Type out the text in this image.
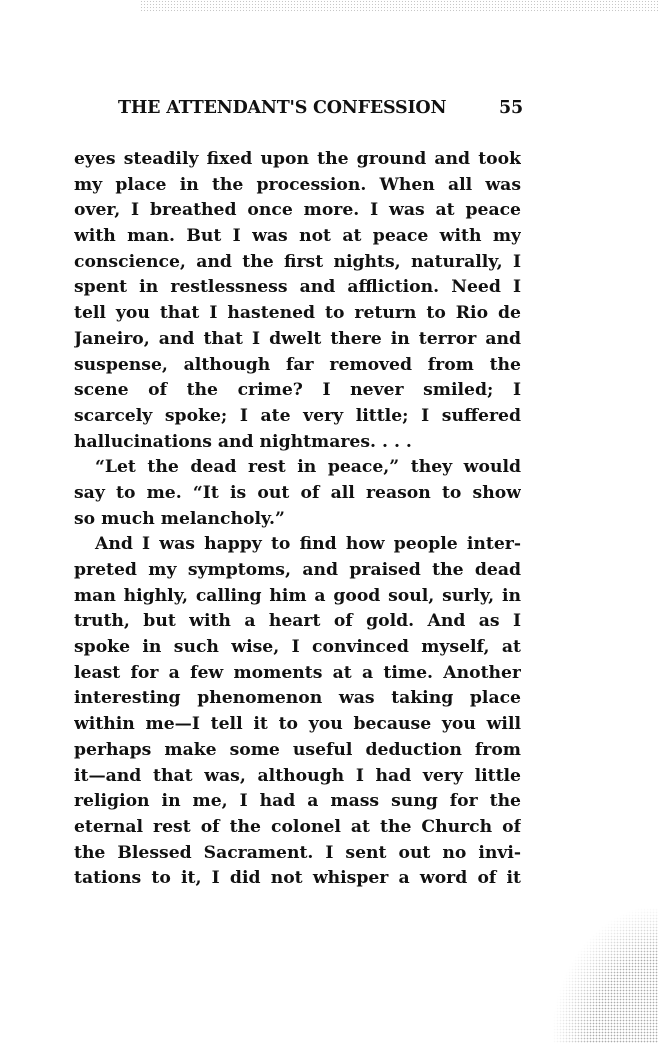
THE ATTENDANT'S CONFESSION	55
eyes steadily fixed upon the ground and took
my place in the procession. When all was
over, I breathed once more. I was at peace
with man. But I was not at peace with my
conscience, and the first nights, naturally, I
spent in restlessness and affliction. Need I
tell you that I hastened to return to Rio de
Janeiro, and that I dwelt there in terror and
suspense, although far removed from the
scene of the crime? I never smiled; I
scarcely spoke; I ate very little; I suffered
hallucinations and nightmares. . . .
“Let the dead rest in peace,” they would
say to me. “It is out of all reason to show
so much melancholy.”
And I was happy to find how people inter-
preted my symptoms, and praised the dead
man highly, calling him a good soul, surly, in
truth, but with a heart of gold. And as I
spoke in such wise, I convinced myself, at
least for a few moments at a time. Another
interesting phenomenon was taking place
within me—I tell it to you because you will
perhaps make some useful deduction from
it—and that was, although I had very little
religion in me, I had a mass sung for the
eternal rest of the colonel at the Church of
the Blessed Sacrament. I sent out no invi-
tations to it, I did not whisper a word of it
